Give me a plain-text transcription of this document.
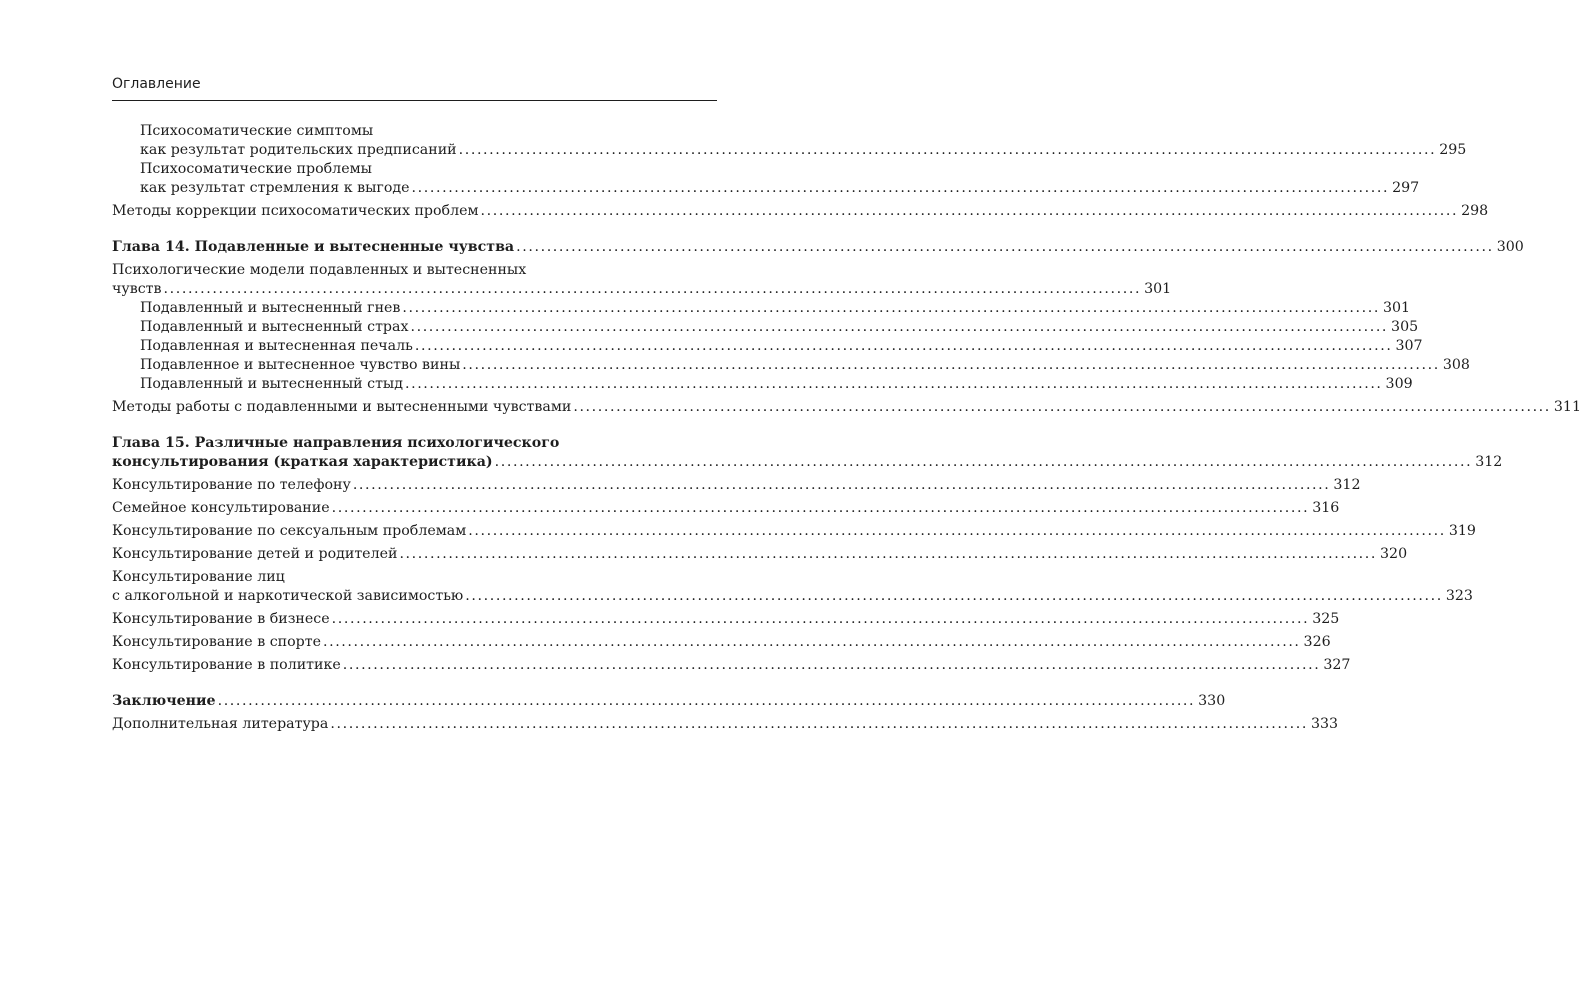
Оглавление
Психосоматические симптомы
как результат родительских предписаний ................................................................................................................................................................ 295
Психосоматические проблемы
как результат стремления к выгоде ................................................................................................................................................................ 297
Методы коррекции психосоматических проблем ................................................................................................................................................................ 298
Глава 14. Подавленные и вытесненные чувства ................................................................................................................................................................ 300
Психологические модели подавленных и вытесненных
чувств ................................................................................................................................................................ 301
Подавленный и вытесненный гнев ................................................................................................................................................................ 301
Подавленный и вытесненный страх ................................................................................................................................................................ 305
Подавленная и вытесненная печаль ................................................................................................................................................................ 307
Подавленное и вытесненное чувство вины ................................................................................................................................................................ 308
Подавленный и вытесненный стыд ................................................................................................................................................................ 309
Методы работы с подавленными и вытесненными чувствами ................................................................................................................................................................ 311
Глава 15. Различные направления психологического
консультирования (краткая характеристика) ................................................................................................................................................................ 312
Консультирование по телефону ................................................................................................................................................................ 312
Семейное консультирование ................................................................................................................................................................ 316
Консультирование по сексуальным проблемам ................................................................................................................................................................ 319
Консультирование детей и родителей ................................................................................................................................................................ 320
Консультирование лиц
с алкогольной и наркотической зависимостью ................................................................................................................................................................ 323
Консультирование в бизнесе ................................................................................................................................................................ 325
Консультирование в спорте ................................................................................................................................................................ 326
Консультирование в политике ................................................................................................................................................................ 327
Заключение ................................................................................................................................................................ 330
Дополнительная литература ................................................................................................................................................................ 333
